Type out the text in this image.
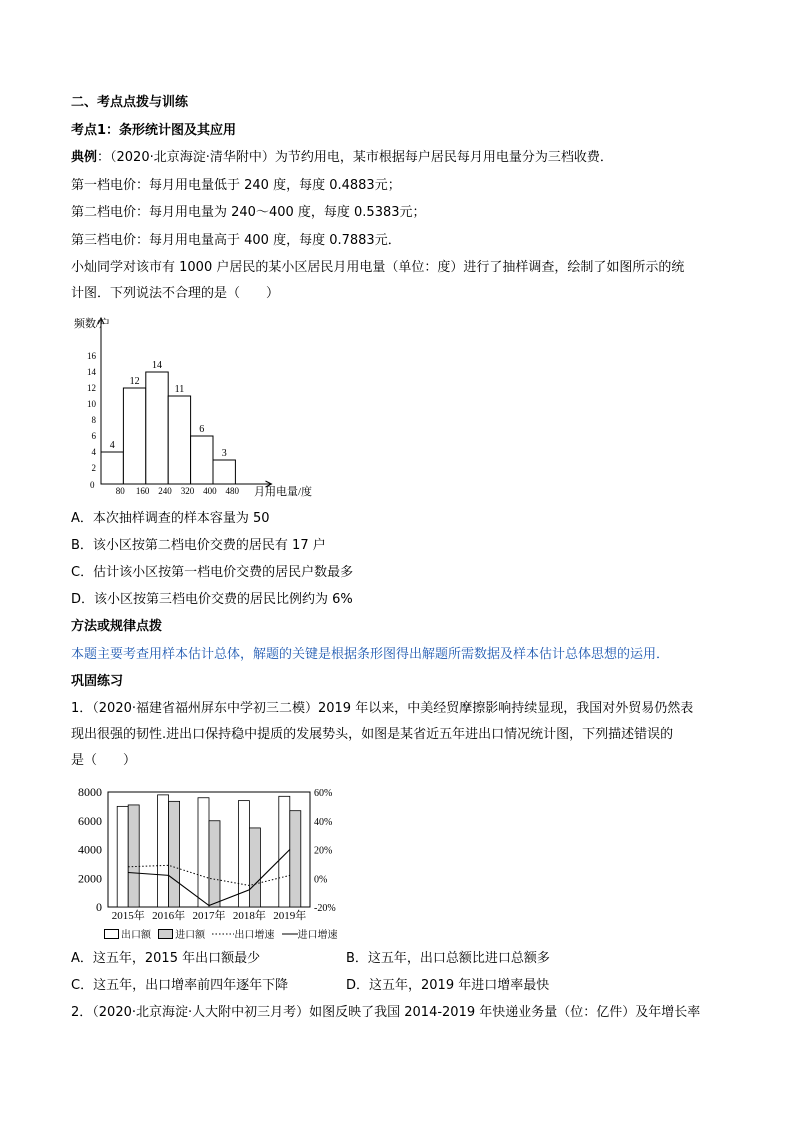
二、考点点拨与训练
考点1：条形统计图及其应用
典例：（2020·北京海淀·清华附中）为节约用电，某市根据每户居民每月用电量分为三档收费．
第一档电价：每月用电量低于 240 度，每度 0.4883元；
第二档电价：每月用电量为 240～400 度，每度 0.5383元；
第三档电价：每月用电量高于 400 度，每度 0.7883元．
小灿同学对该市有 1000 户居民的某小区居民月用电量（单位：度）进行了抽样调查，绘制了如图所示的统
计图．下列说法不合理的是（　　）
频数/户
月用电量/度
2
4
6
8
10
12
14
16
0
80 160 240 320 400 480
4
12
14
11
6
3
A．本次抽样调查的样本容量为 50
B．该小区按第二档电价交费的居民有 17 户
C．估计该小区按第一档电价交费的居民户数最多
D．该小区按第三档电价交费的居民比例约为 6%
方法或规律点拨
本题主要考查用样本估计总体，解题的关键是根据条形图得出解题所需数据及样本估计总体思想的运用．
巩固练习
1．（2020·福建省福州屏东中学初三二模）2019 年以来，中美经贸摩擦影响持续显现，我国对外贸易仍然表
现出很强的韧性.进出口保持稳中提质的发展势头，如图是某省近五年进出口情况统计图，下列描述错误的
是（　　）
0
2000
4000
6000
8000
-20%
0%
20%
40%
60%
2015年 2016年 2017年 2018年 2019年
出口额 进口额	出口增速 进口增速
A．这五年，2015 年出口额最少	B．这五年，出口总额比进口总额多
C．这五年，出口增率前四年逐年下降	D．这五年，2019 年进口增率最快
2．（2020·北京海淀·人大附中初三月考）如图反映了我国 2014-2019 年快递业务量（位：亿件）及年增长率
